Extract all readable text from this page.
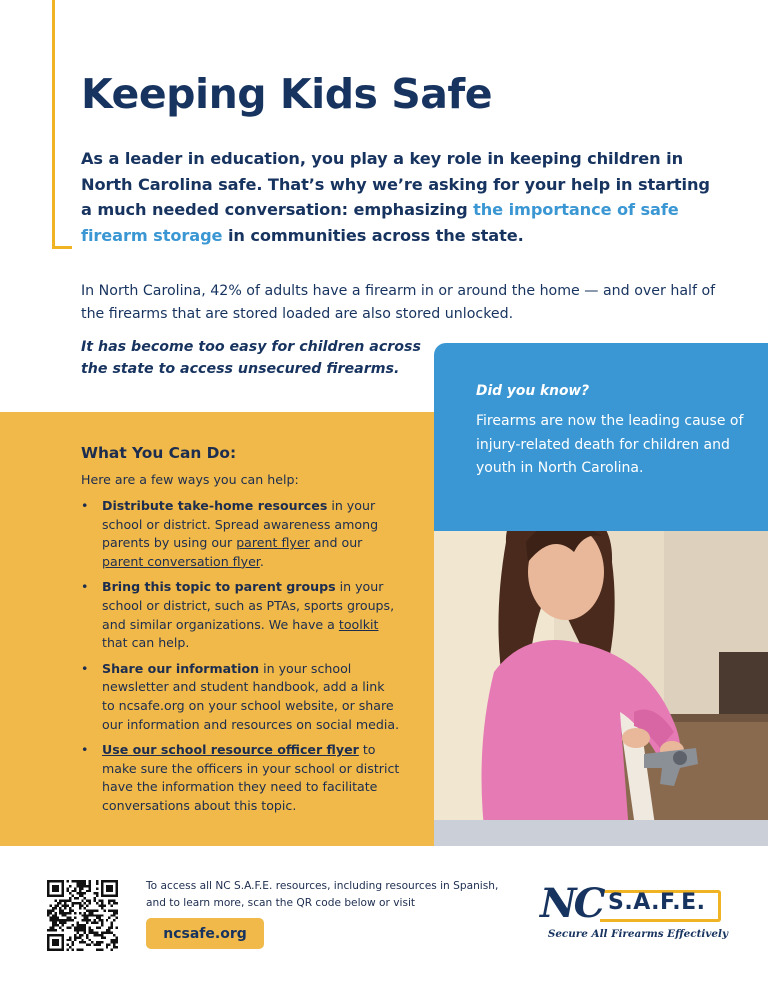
Keeping Kids Safe

As a leader in education, you play a key role in keeping children in North Carolina safe. That’s why we’re asking for your help in starting a much needed conversation: emphasizing the importance of safe firearm storage in communities across the state.

In North Carolina, 42% of adults have a firearm in or around the home — and over half of the firearms that are stored loaded are also stored unlocked.

It has become too easy for children across the state to access unsecured firearms.

Did you know?

Firearms are now the leading cause of injury-related death for children and youth in North Carolina.

What You Can Do:

Here are a few ways you can help:

• Distribute take-home resources in your school or district. Spread awareness among parents by using our parent flyer and our parent conversation flyer.
• Bring this topic to parent groups in your school or district, such as PTAs, sports groups, and similar organizations. We have a toolkit that can help.
• Share our information in your school newsletter and student handbook, add a link to ncsafe.org on your school website, or share our information and resources on social media.
• Use our school resource officer flyer to make sure the officers in your school or district have the information they need to facilitate conversations about this topic.

To access all NC S.A.F.E. resources, including resources in Spanish, and to learn more, scan the QR code below or visit

ncsafe.org
NC S.A.F.E.
Secure All Firearms Effectively
